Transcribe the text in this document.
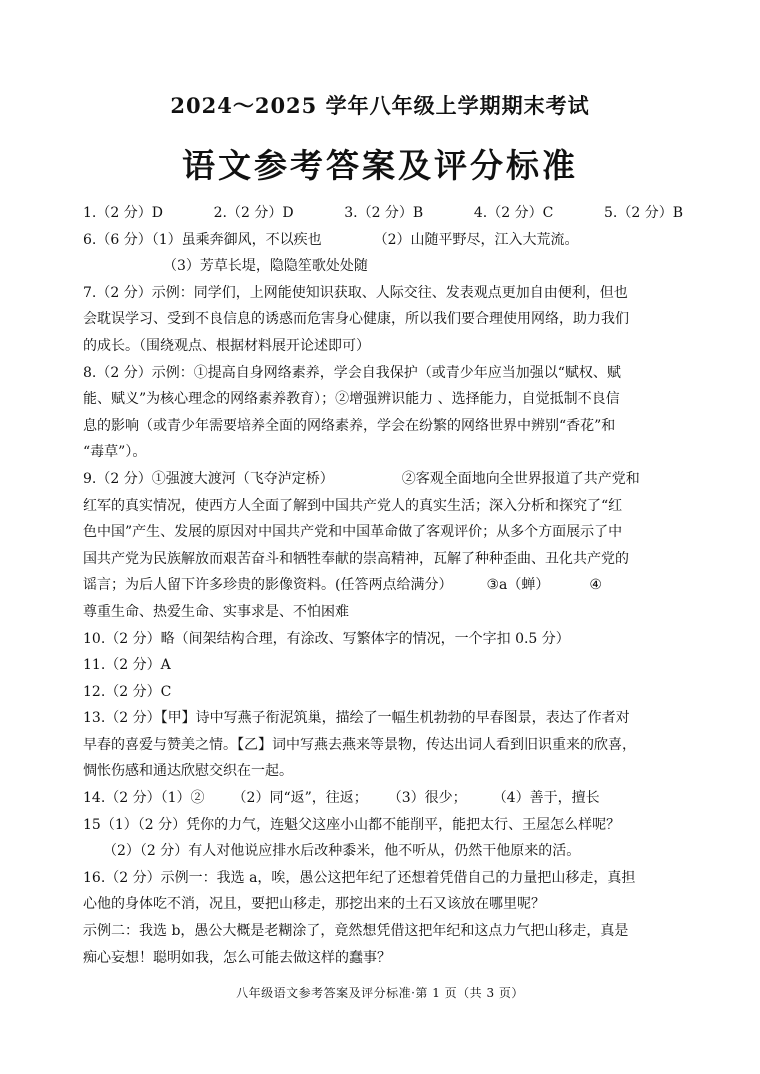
2024～2025 学年八年级上学期期末考试
语文参考答案及评分标准
1.（2 分）D	2.（2 分）D	3.（2 分）B	4.（2 分）C	5.（2 分）B
6.（6 分）（1）虽乘奔御风，不以疾也	（2）山随平野尽，江入大荒流。
（3）芳草长堤，隐隐笙歌处处随
7.（2 分）示例：同学们，上网能使知识获取、人际交往、发表观点更加自由便利，但也
会耽误学习、受到不良信息的诱惑而危害身心健康，所以我们要合理使用网络，助力我们
的成长。（围绕观点、根据材料展开论述即可）
8.（2 分）示例：①提高自身网络素养，学会自我保护（或青少年应当加强以“赋权、赋
能、赋义”为核心理念的网络素养教育）；②增强辨识能力 、选择能力，自觉抵制不良信
息的影响（或青少年需要培养全面的网络素养，学会在纷繁的网络世界中辨别“香花”和
“毒草”）。
9.（2 分）①强渡大渡河（飞夺泸定桥）	②客观全面地向全世界报道了共产党和
红军的真实情况，使西方人全面了解到中国共产党人的真实生活；深入分析和探究了“红
色中国”产生、发展的原因对中国共产党和中国革命做了客观评价；从多个方面展示了中
国共产党为民族解放而艰苦奋斗和牺牲奉献的崇高精神，瓦解了种种歪曲、丑化共产党的
谣言；为后人留下许多珍贵的影像资料。(任答两点给满分） ③a（蝉）	④
尊重生命、热爱生命、实事求是、不怕困难
10.（2 分）略（间架结构合理，有涂改、写繁体字的情况，一个字扣 0.5 分）
11.（2 分）A
12.（2 分）C
13.（2 分）【甲】诗中写燕子衔泥筑巢，描绘了一幅生机勃勃的早春图景，表达了作者对
早春的喜爱与赞美之情。【乙】词中写燕去燕来等景物，传达出词人看到旧识重来的欣喜，
惆怅伤感和通达欣慰交织在一起。
14.（2 分）（1）② （2）同“返”，往返； （3）很少； （4）善于，擅长
15（1）（2 分）凭你的力气，连魁父这座小山都不能削平，能把太行、王屋怎么样呢？
（2）（2 分）有人对他说应排水后改种黍米，他不听从，仍然干他原来的活。
16.（2 分）示例一：我选 a，唉，愚公这把年纪了还想着凭借自己的力量把山移走，真担
心他的身体吃不消，况且，要把山移走，那挖出来的土石又该放在哪里呢？
示例二：我选 b，愚公大概是老糊涂了，竟然想凭借这把年纪和这点力气把山移走，真是
痴心妄想！聪明如我，怎么可能去做这样的蠢事？
八年级语文参考答案及评分标准·第 1 页（共 3 页）
